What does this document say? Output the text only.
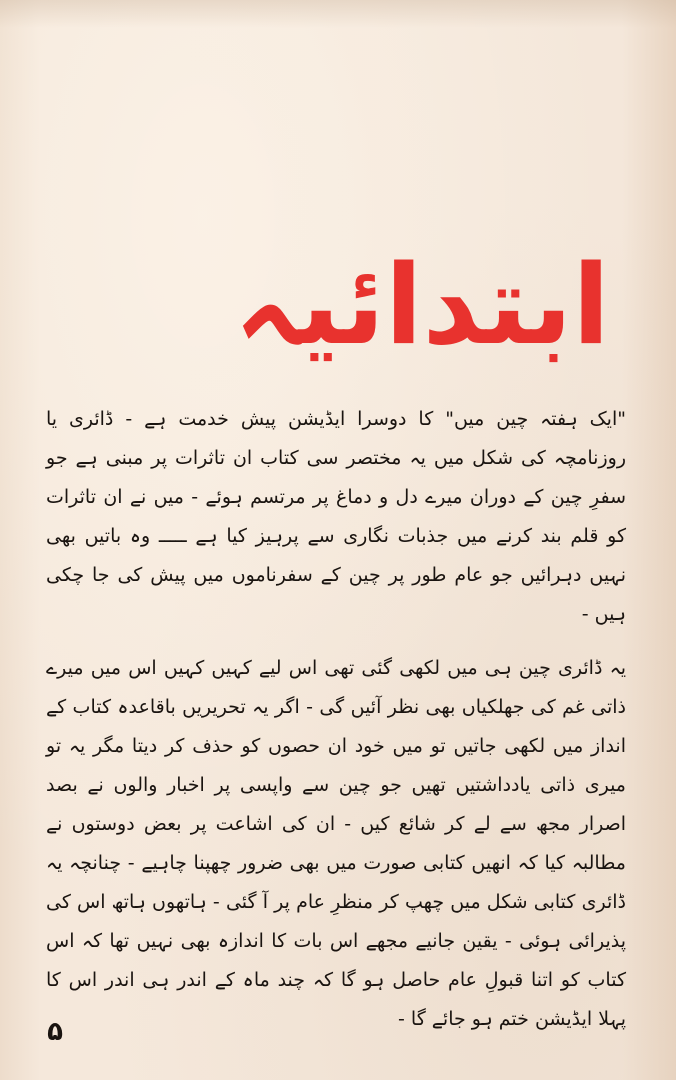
ابتدائیہ

"ایک ہفتہ چین میں" کا دوسرا ایڈیشن پیش خدمت ہے - ڈائری یا روزنامچہ کی شکل میں یہ مختصر سی کتاب ان تاثرات پر مبنی ہے جو سفرِ چین کے دوران میرے دل و دماغ پر مرتسم ہوئے - میں نے ان تاثرات کو قلم بند کرنے میں جذبات نگاری سے پرہیز کیا ہے ـــــ وہ باتیں بھی نہیں دہرائیں جو عام طور پر چین کے سفرناموں میں پیش کی جا چکی ہیں -

یہ ڈائری چین ہی میں لکھی گئی تھی اس لیے کہیں کہیں اس میں میرے ذاتی غم کی جھلکیاں بھی نظر آئیں گی - اگر یہ تحریریں باقاعدہ کتاب کے انداز میں لکھی جاتیں تو میں خود ان حصوں کو حذف کر دیتا مگر یہ تو میری ذاتی یادداشتیں تھیں جو چین سے واپسی پر اخبار والوں نے بصد اصرار مجھ سے لے کر شائع کیں - ان کی اشاعت پر بعض دوستوں نے مطالبہ کیا کہ انھیں کتابی صورت میں بھی ضرور چھپنا چاہیے - چنانچہ یہ ڈائری کتابی شکل میں چھپ کر منظرِ عام پر آ گئی - ہاتھوں ہاتھ اس کی پذیرائی ہوئی - یقین جانیے مجھے اس بات کا اندازہ بھی نہیں تھا کہ اس کتاب کو اتنا قبولِ عام حاصل ہو گا کہ چند ماہ کے اندر ہی اندر اس کا پہلا ایڈیشن ختم ہو جائے گا -

۵
